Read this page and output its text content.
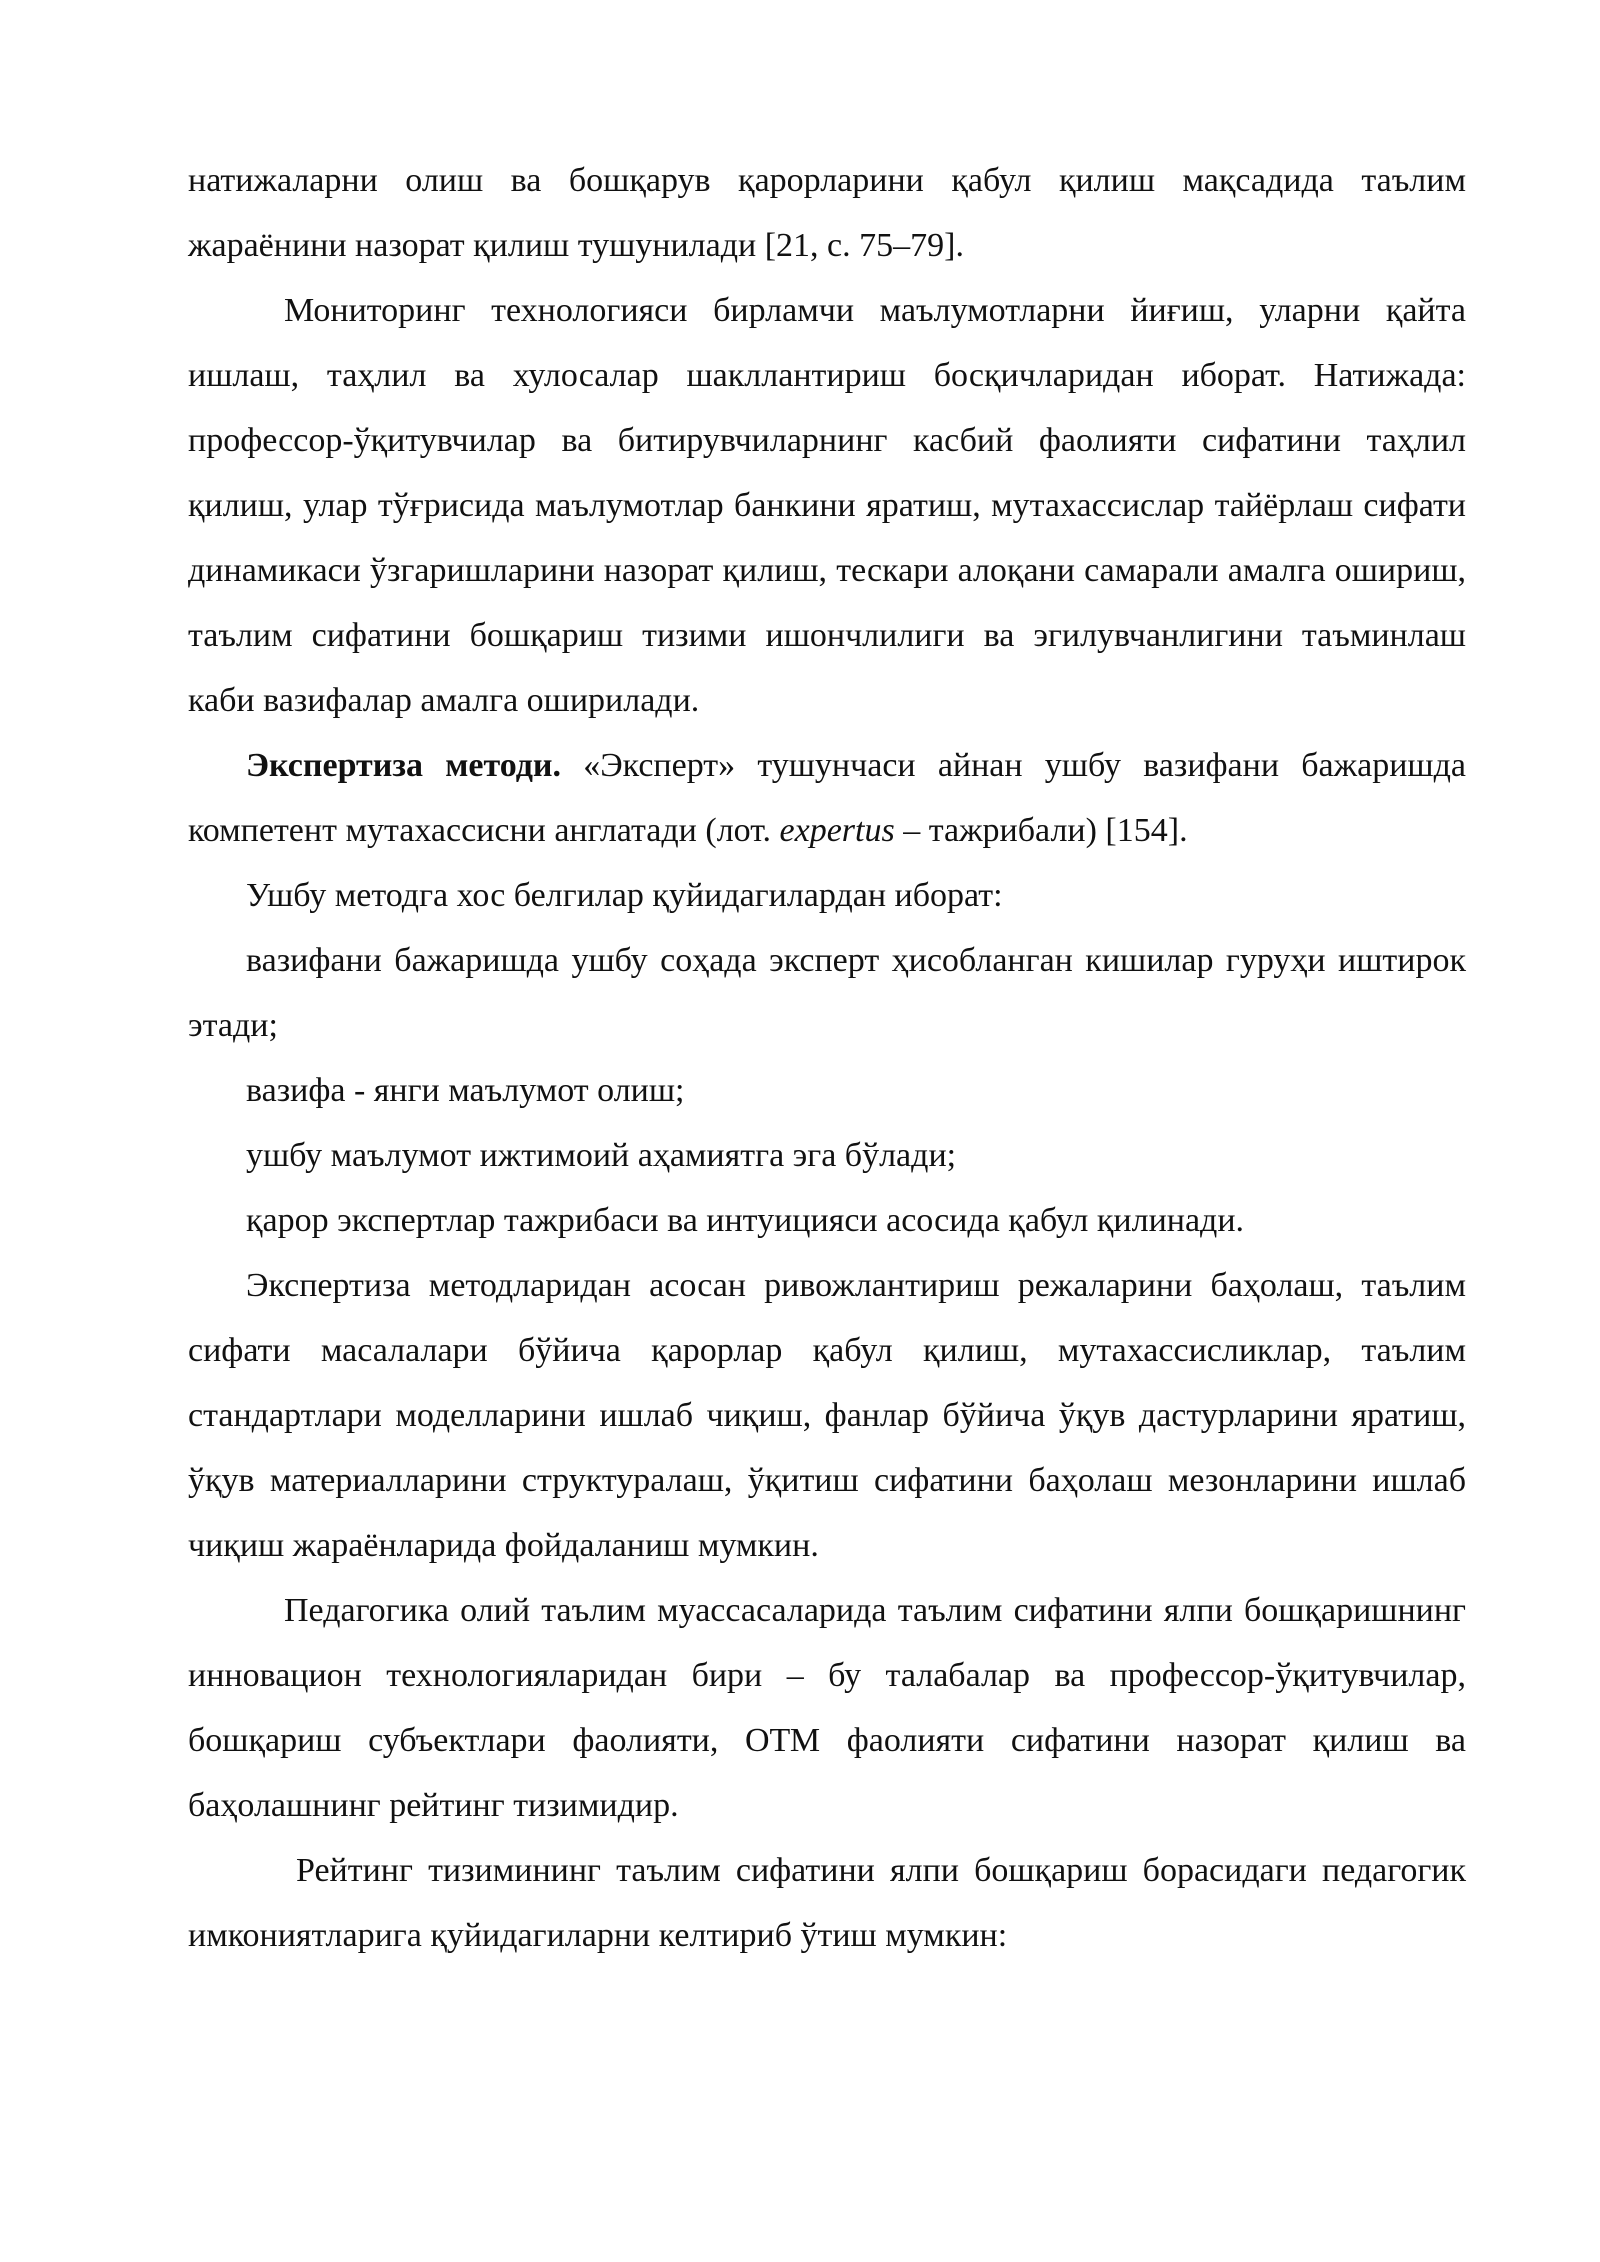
натижаларни олиш ва бошқарув қарорларини қабул қилиш мақсадида таълим жараёнини назорат қилиш тушунилади [21, с. 75–79].

Мониторинг технологияси бирламчи маълумотларни йиғиш, уларни қайта ишлаш, таҳлил ва хулосалар шакллантириш босқичларидан иборат. Натижада: профессор-ўқитувчилар ва битирувчиларнинг касбий фаолияти сифатини таҳлил қилиш, улар тўғрисида маълумотлар банкини яратиш, мутахассислар тайёрлаш сифати динамикаси ўзгаришларини назорат қилиш, тескари алоқани самарали амалга ошириш, таълим сифатини бошқариш тизими ишончлилиги ва эгилувчанлигини таъминлаш каби вазифалар амалга оширилади.

Экспертиза методи. «Эксперт» тушунчаси айнан ушбу вазифани бажаришда компетент мутахассисни англатади (лот. expertus – тажрибали) [154].

Ушбу методга хос белгилар қуйидагилардан иборат:

вазифани бажаришда ушбу соҳада эксперт ҳисобланган кишилар гуруҳи иштирок этади;

вазифа - янги маълумот олиш;

ушбу маълумот ижтимоий аҳамиятга эга бўлади;

қарор экспертлар тажрибаси ва интуицияси асосида қабул қилинади.

Экспертиза методларидан асосан ривожлантириш режаларини баҳолаш, таълим сифати масалалари бўйича қарорлар қабул қилиш, мутахассисликлар, таълим стандартлари моделларини ишлаб чиқиш, фанлар бўйича ўқув дастурларини яратиш, ўқув материалларини структуралаш, ўқитиш сифатини баҳолаш мезонларини ишлаб чиқиш жараёнларида фойдаланиш мумкин.

Педагогика олий таълим муассасаларида таълим сифатини ялпи бошқаришнинг инновацион технологияларидан бири – бу талабалар ва профессор-ўқитувчилар, бошқариш субъектлари фаолияти, ОТМ фаолияти сифатини назорат қилиш ва баҳолашнинг рейтинг тизимидир.

Рейтинг тизимининг таълим сифатини ялпи бошқариш борасидаги педагогик имкониятларига қуйидагиларни келтириб ўтиш мумкин:
